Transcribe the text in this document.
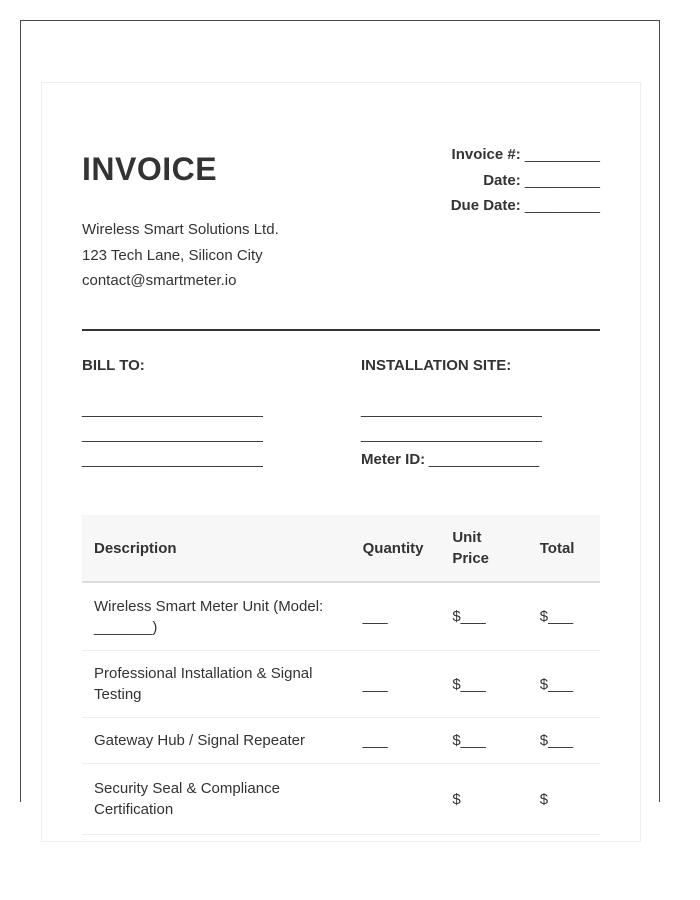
INVOICE	Invoice #: _________
Date: _________
Due Date: _________
Wireless Smart Solutions Ltd.
123 Tech Lane, Silicon City
contact@smartmeter.io
BILL TO:
_______________________
_______________________
_______________________
INSTALLATION SITE:
_______________________
_______________________
Meter ID: ______________
Description	Quantity	Unit Price	Total
Wireless Smart Meter Unit (Model: _______)	___	$___	$___
Professional Installation & Signal Testing	___	$___	$___
Gateway Hub / Signal Repeater	___	$___	$___
Security Seal & Compliance Certification		$	$
